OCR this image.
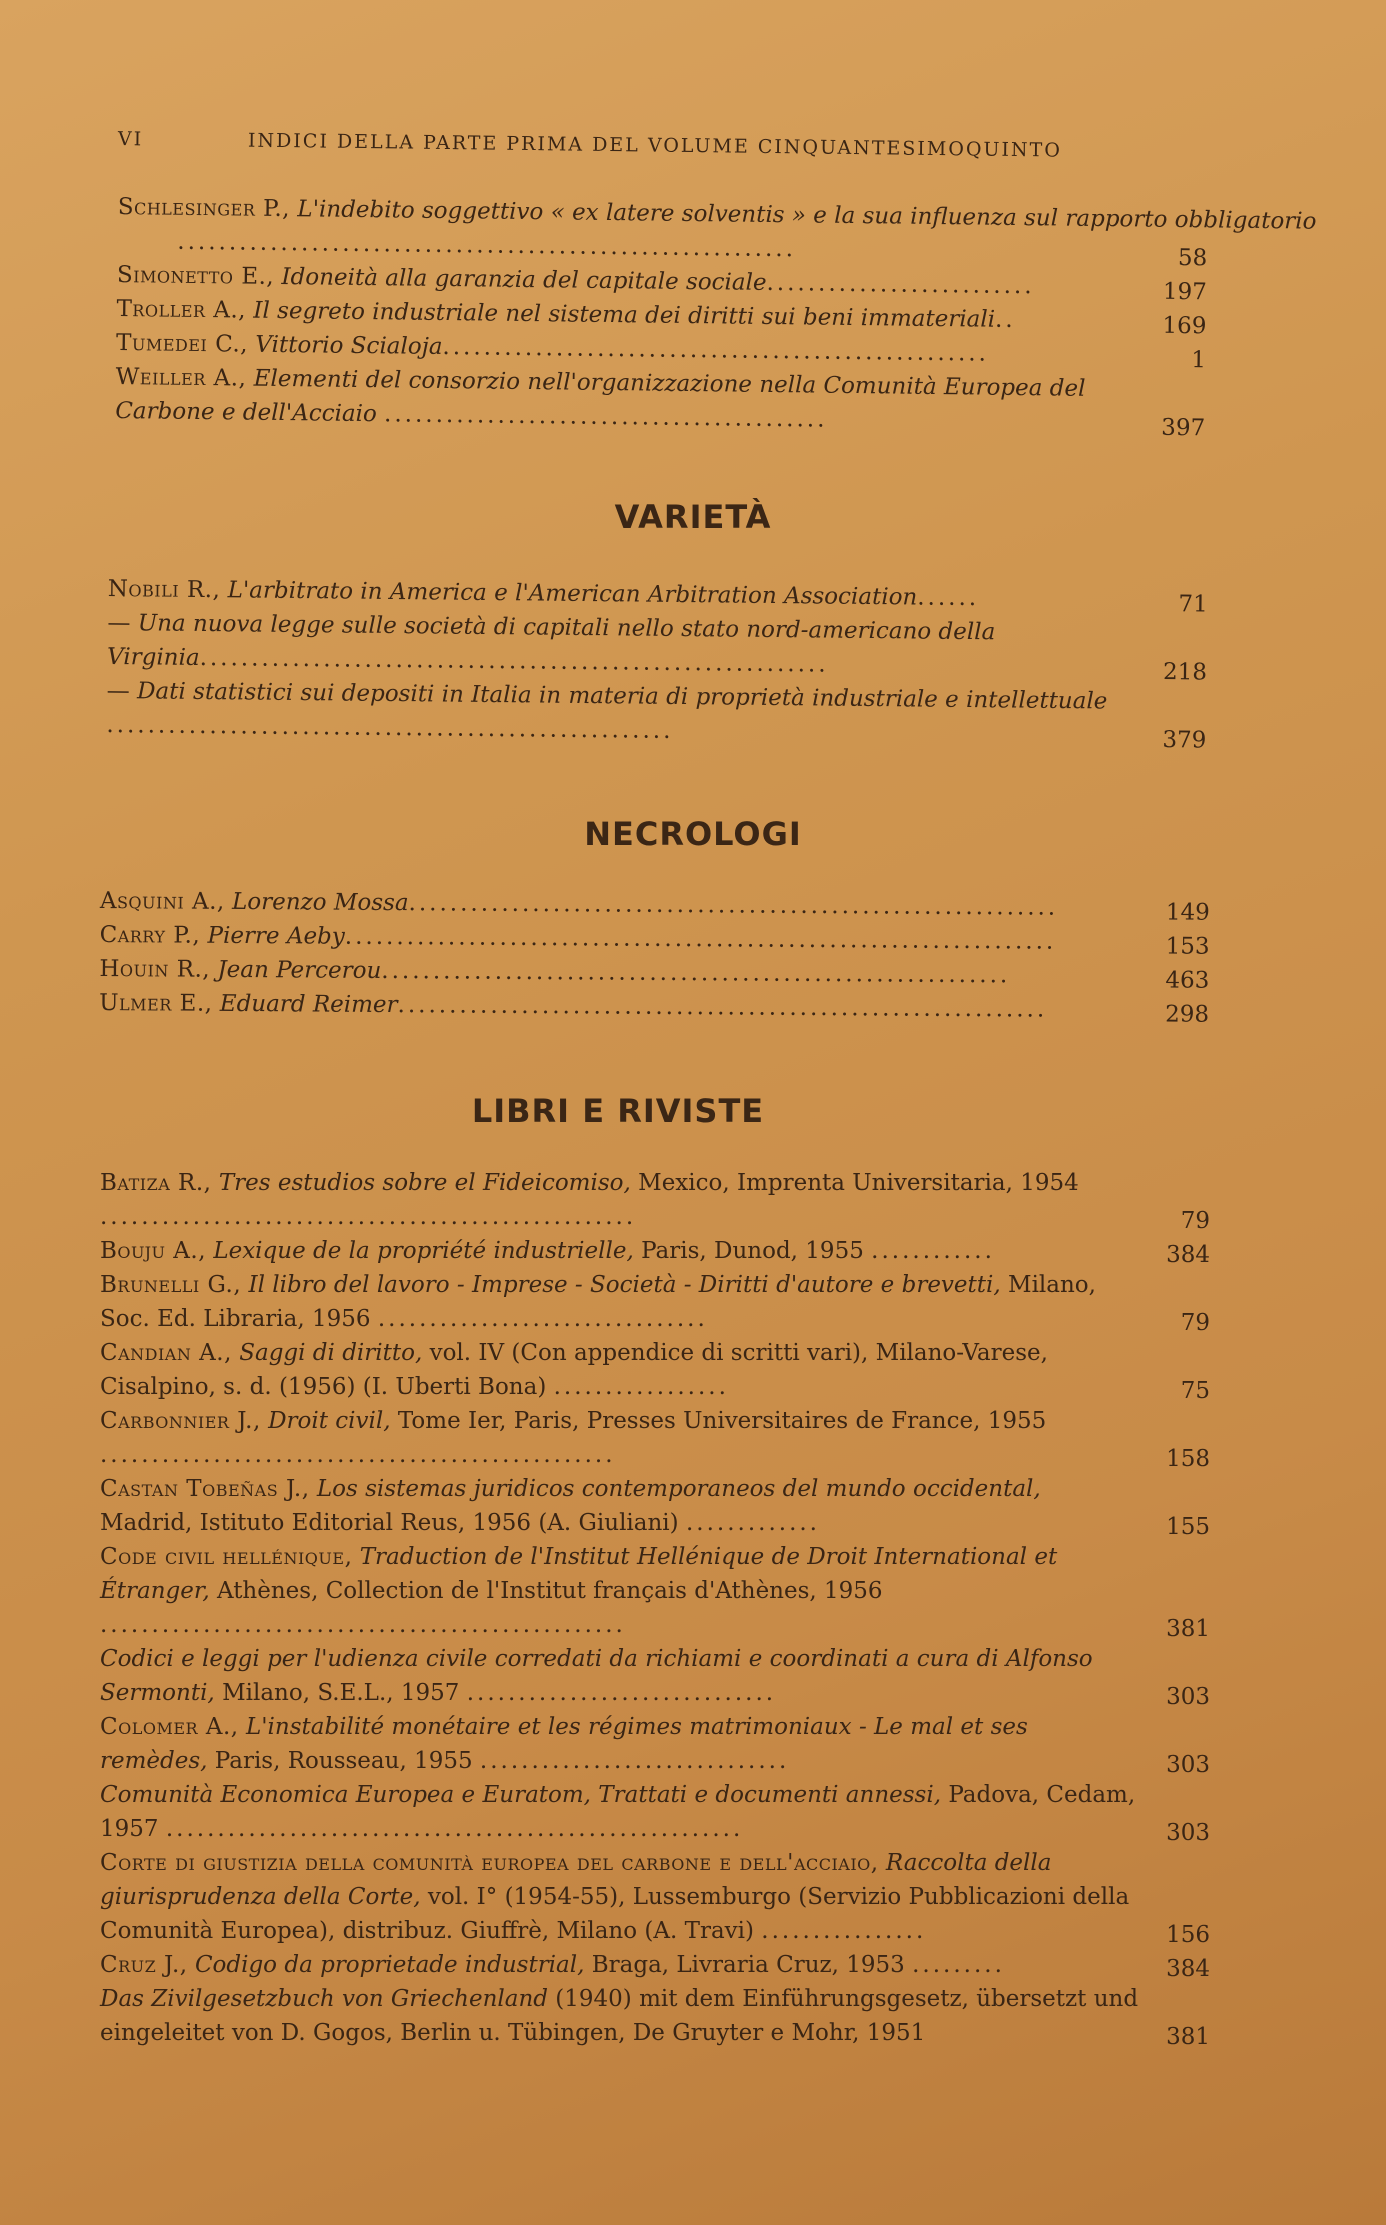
VI	INDICI DELLA PARTE PRIMA DEL VOLUME CINQUANTESIMOQUINTO
Schlesinger P., L'indebito soggettivo « ex latere solventis » e la sua influenza sul rapporto obbligatorio
............................................................	58
Simonetto E., Idoneità alla garanzia del capitale sociale..........................	197
Troller A., Il segreto industriale nel sistema dei diritti sui beni immateriali..	169
Tumedei C., Vittorio Scialoja.....................................................	1
Weiller A., Elementi del consorzio nell'organizzazione nella Comunità Europea del Carbone e dell'Acciaio ...........................................	397
VARIETÀ
Nobili R., L'arbitrato in America e l'American Arbitration Association......	71
— Una nuova legge sulle società di capitali nello stato nord-americano della Virginia.............................................................	218
— Dati statistici sui depositi in Italia in materia di proprietà industriale e intellettuale .......................................................	379
NECROLOGI
Asquini A., Lorenzo Mossa...............................................................	149
Carry P., Pierre Aeby.....................................................................	153
Houin R., Jean Percerou.............................................................	463
Ulmer E., Eduard Reimer...............................................................	298
LIBRI E RIVISTE
Batiza R., Tres estudios sobre el Fideicomiso, Mexico, Imprenta Universitaria, 1954 ....................................................	79
Bouju A., Lexique de la propriété industrielle, Paris, Dunod, 1955 ............	384
Brunelli G., Il libro del lavoro - Imprese - Società - Diritti d'autore e brevetti, Milano, Soc. Ed. Libraria, 1956 ................................	79
Candian A., Saggi di diritto, vol. IV (Con appendice di scritti vari), Milano-Varese, Cisalpino, s. d. (1956) (I. Uberti Bona) .................	75
Carbonnier J., Droit civil, Tome Ier, Paris, Presses Universitaires de France, 1955 ..................................................	158
Castan Tobeñas J., Los sistemas juridicos contemporaneos del mundo occidental, Madrid, Istituto Editorial Reus, 1956 (A. Giuliani) .............	155
Code civil hellénique, Traduction de l'Institut Hellénique de Droit International et Étranger, Athènes, Collection de l'Institut français d'Athènes, 1956 ...................................................	381
Codici e leggi per l'udienza civile corredati da richiami e coordinati a cura di Alfonso Sermonti, Milano, S.E.L., 1957 ..............................	303
Colomer A., L'instabilité monétaire et les régimes matrimoniaux - Le mal et ses remèdes, Paris, Rousseau, 1955 ..............................	303
Comunità Economica Europea e Euratom, Trattati e documenti annessi, Padova, Cedam, 1957 ........................................................	303
Corte di giustizia della comunità europea del carbone e dell'acciaio, Raccolta della giurisprudenza della Corte, vol. I° (1954-55), Lussemburgo (Servizio Pubblicazioni della Comunità Europea), distribuz. Giuffrè, Milano (A. Travi) ................	156
Cruz J., Codigo da proprietade industrial, Braga, Livraria Cruz, 1953 .........	384
Das Zivilgesetzbuch von Griechenland (1940) mit dem Einführungsgesetz, übersetzt und eingeleitet von D. Gogos, Berlin u. Tübingen, De Gruyter e Mohr, 1951	381
